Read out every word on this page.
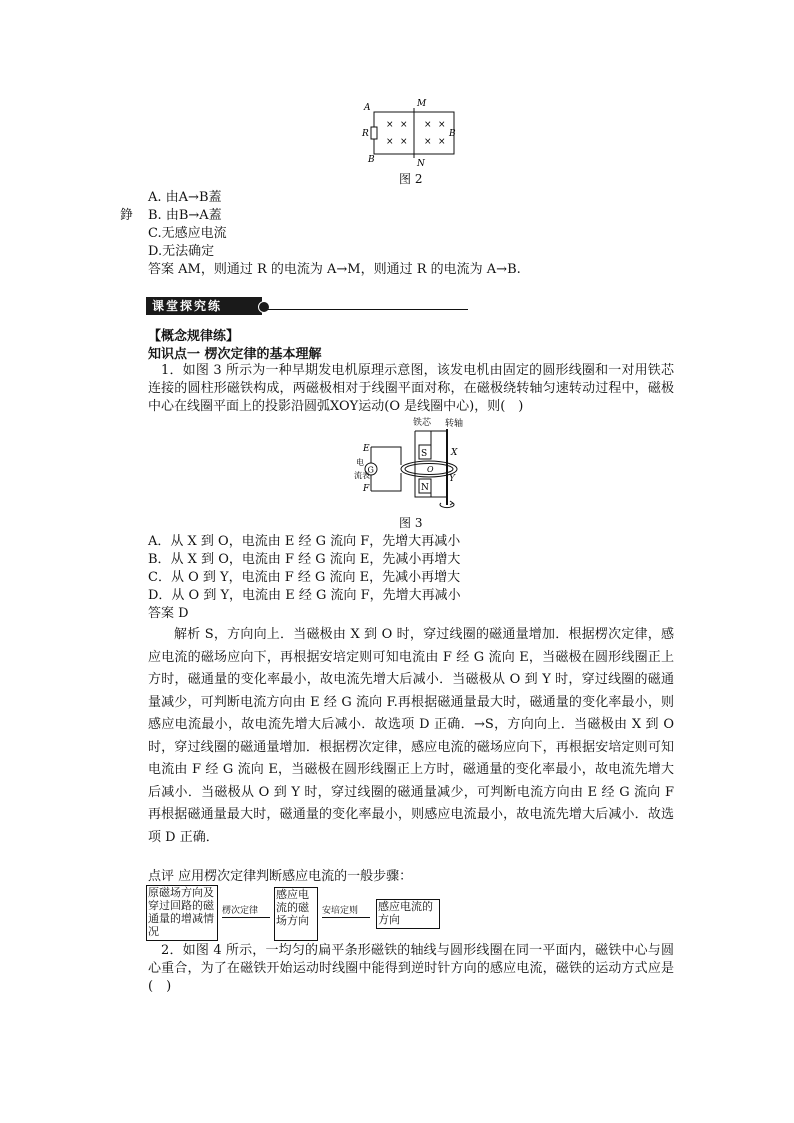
A	M
R	B
B	N
× × × ×
× × × ×
图 2
A. 由A→B蓋
錚 B. 由B→A蓋
C.无感应电流
D.无法确定
答案 AM，则通过 R 的电流为 A→M，则通过 R 的电流为 A→B.
课堂探究练
【概念规律练】
知识点一 楞次定律的基本理解
1．如图 3 所示为一种早期发电机原理示意图，该发电机由固定的圆形线圈和一对用铁芯连接的圆柱形磁铁构成，两磁极相对于线圈平面对称，在磁极绕转轴匀速转动过程中，磁极中心在线圈平面上的投影沿圆弧XOY运动(O 是线圈中心)，则(　)
铁芯 转轴
S
N
X
O
Y
G
E
F
电
流表
图 3
A．从 X 到 O，电流由 E 经 G 流向 F，先增大再减小
B．从 X 到 O，电流由 F 经 G 流向 E，先减小再增大
C．从 O 到 Y，电流由 F 经 G 流向 E，先减小再增大
D．从 O 到 Y，电流由 E 经 G 流向 F，先增大再减小
答案 D
解析 S，方向向上．当磁极由 X 到 O 时，穿过线圈的磁通量增加．根据楞次定律，感应电流的磁场应向下，再根据安培定则可知电流由 F 经 G 流向 E，当磁极在圆形线圈正上方时，磁通量的变化率最小，故电流先增大后减小．当磁极从 O 到 Y 时，穿过线圈的磁通量减少，可判断电流方向由 E 经 G 流向 F.再根据磁通量最大时，磁通量的变化率最小，则感应电流最小，故电流先增大后减小．故选项 D 正确．→S，方向向上．当磁极由 X 到 O 时，穿过线圈的磁通量增加．根据楞次定律，感应电流的磁场应向下，再根据安培定则可知电流由 F 经 G 流向 E，当磁极在圆形线圈正上方时，磁通量的变化率最小，故电流先增大后减小．当磁极从 O 到 Y 时，穿过线圈的磁通量减少，可判断电流方向由 E 经 G 流向 F 再根据磁通量最大时，磁通量的变化率最小，则感应电流最小，故电流先增大后减小．故选项 D 正确．
点评 应用楞次定律判断感应电流的一般步骤：
原磁场方向及穿过回路的磁通量的增减情况
楞次定律
感应电流的磁场方向
安培定则	感应电流的方向
2．如图 4 所示，一均匀的扁平条形磁铁的轴线与圆形线圈在同一平面内，磁铁中心与圆心重合，为了在磁铁开始运动时线圈中能得到逆时针方向的感应电流，磁铁的运动方式应是(　)
